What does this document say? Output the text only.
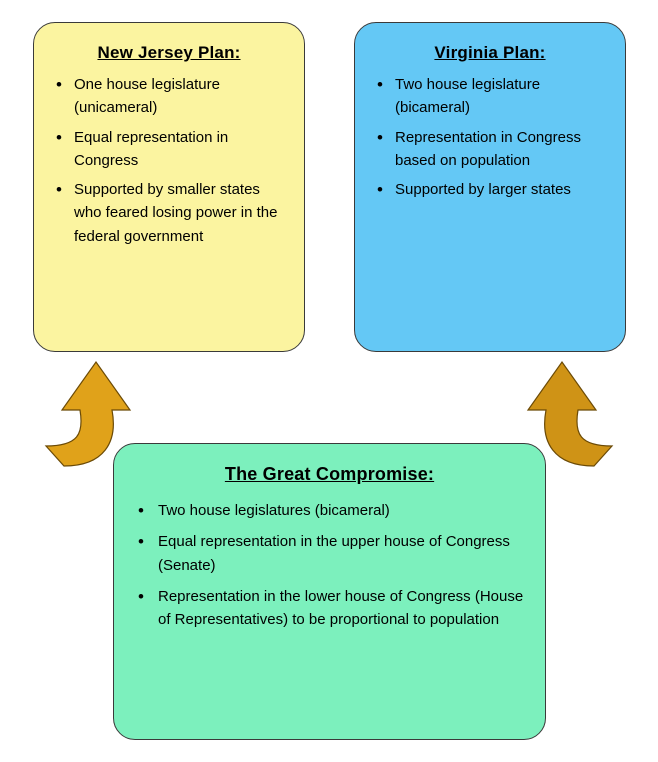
New Jersey Plan:
• One house legislature (unicameral)
• Equal representation in Congress
• Supported by smaller states who feared losing power in the federal government
Virginia Plan:
• Two house legislature (bicameral)
• Representation in Congress based on population
• Supported by larger states
The Great Compromise:
• Two house legislatures (bicameral)
• Equal representation in the upper house of Congress (Senate)
• Representation in the lower house of Congress (House of Representatives) to be proportional to population
